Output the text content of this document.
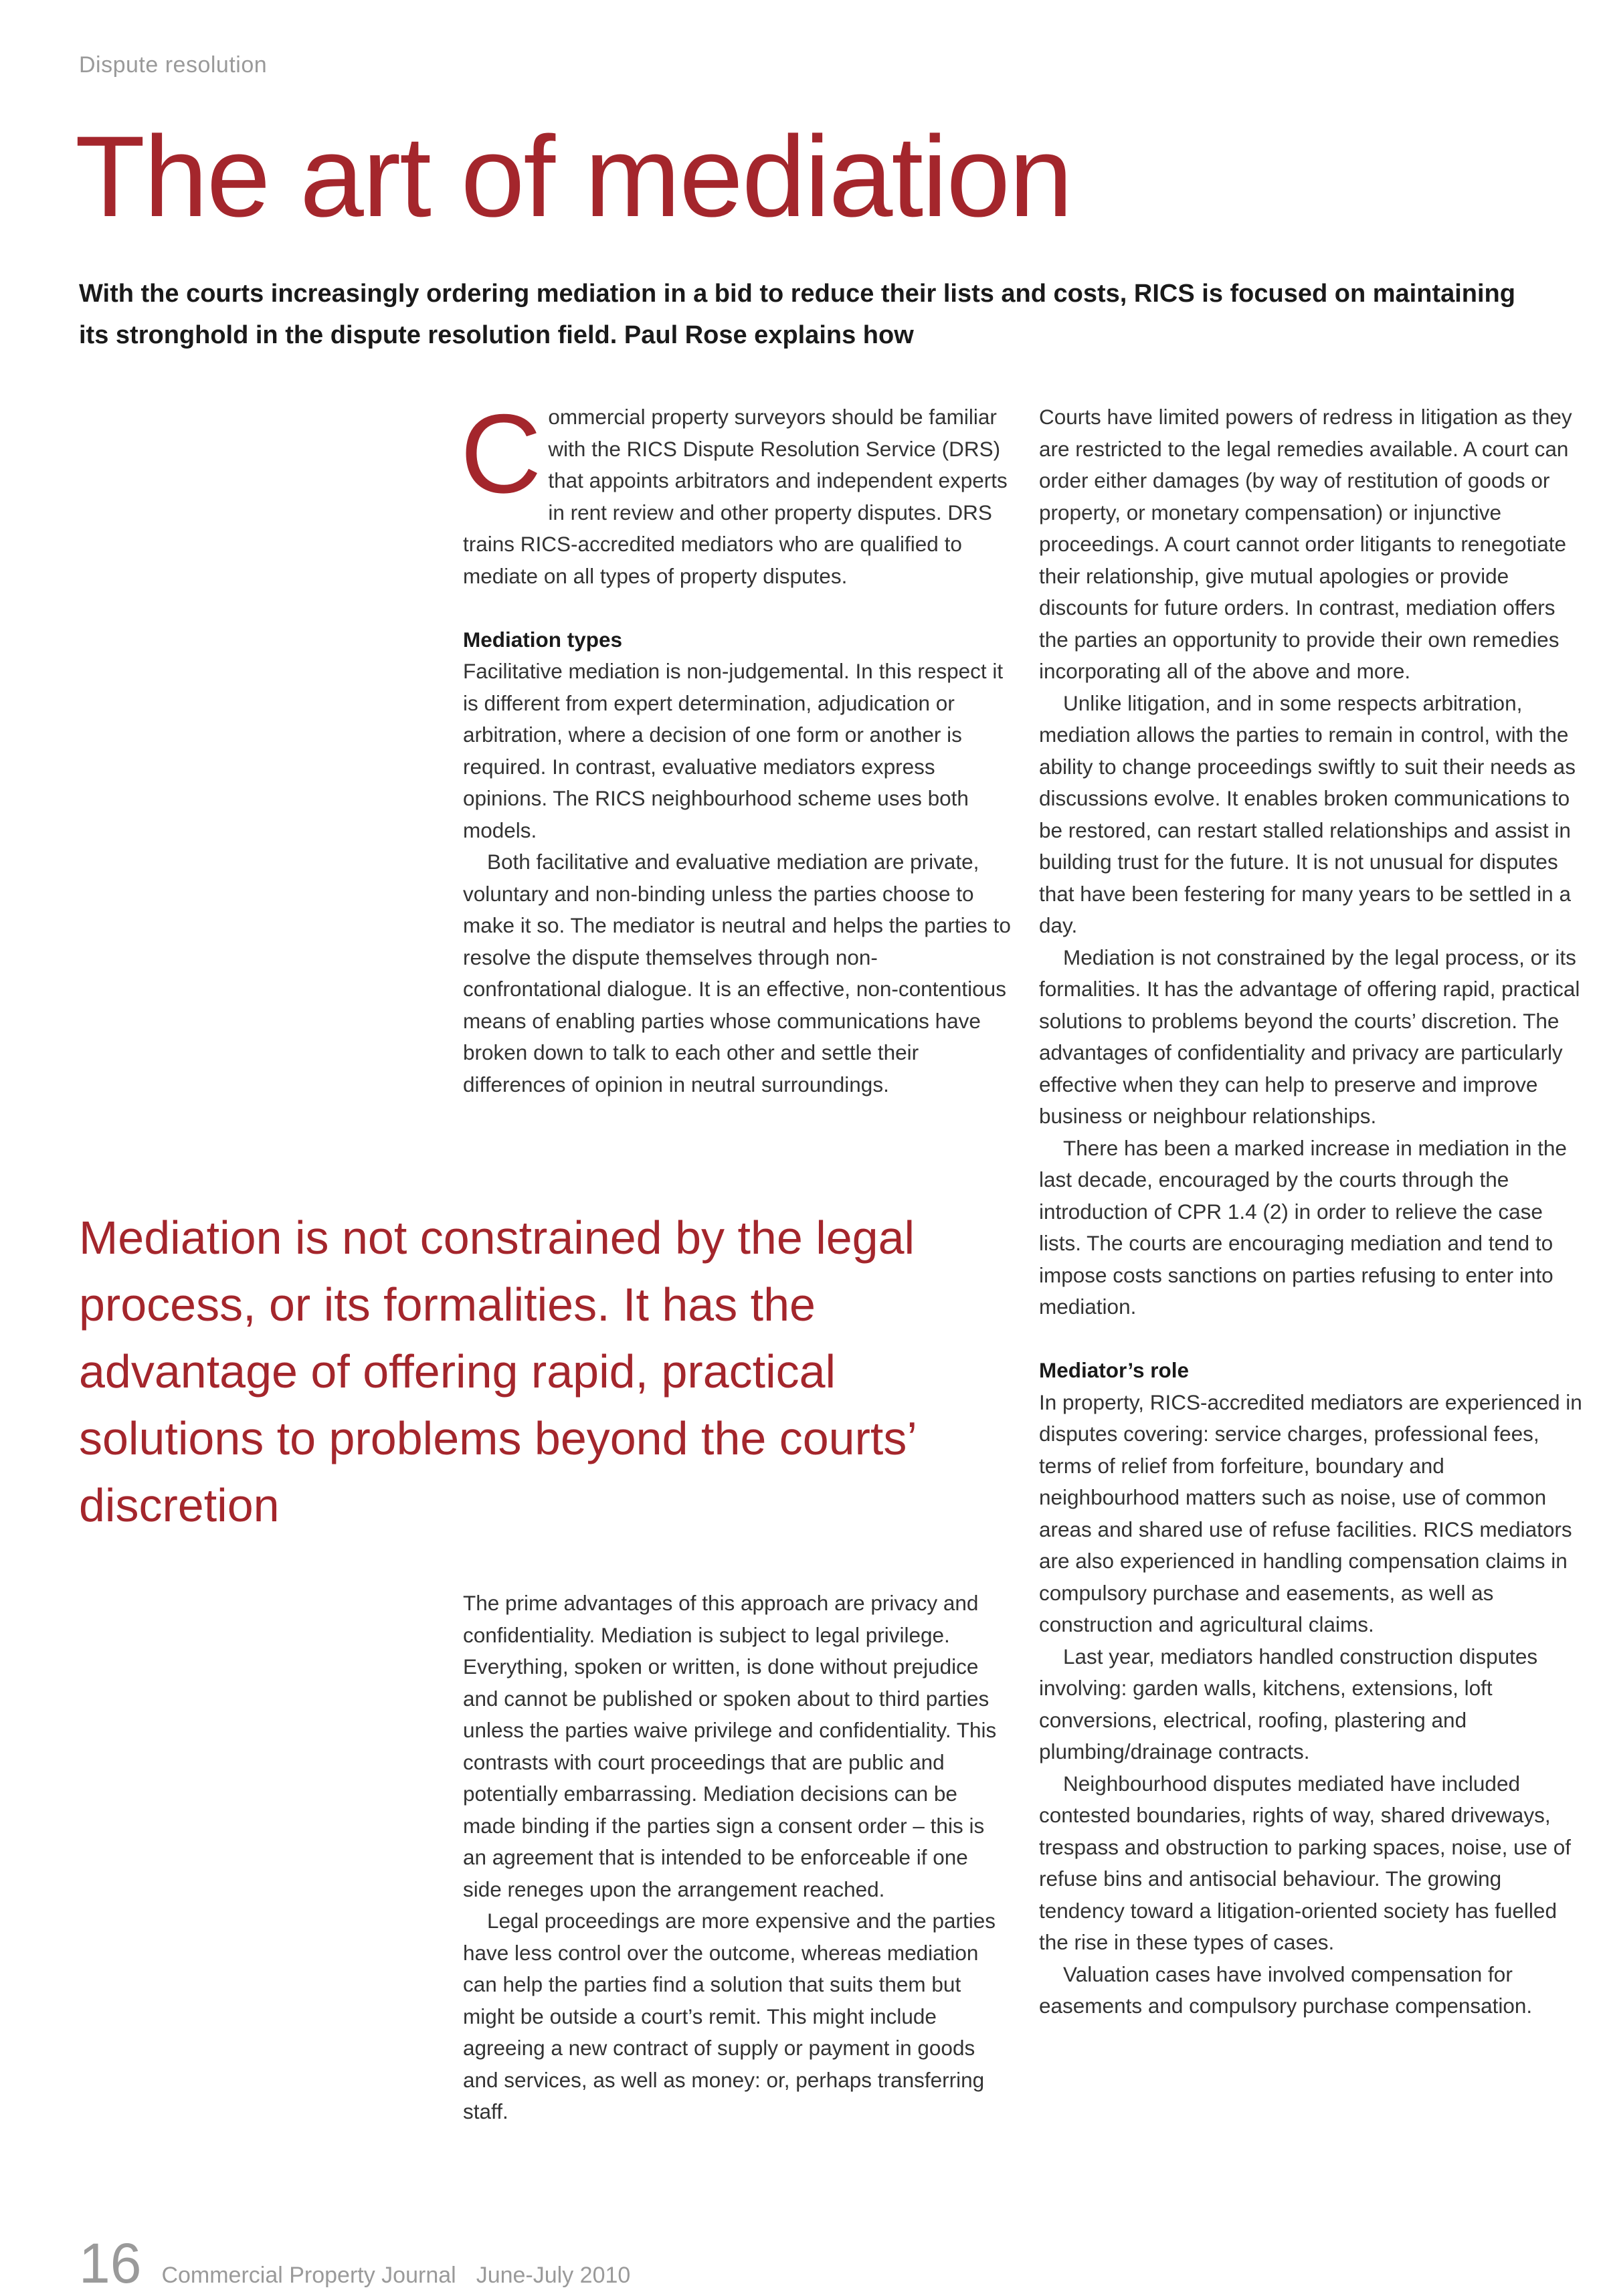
Dispute resolution
The art of mediation
With the courts increasingly ordering mediation in a bid to reduce their lists and costs, RICS is focused on maintaining its stronghold in the dispute resolution field. Paul Rose explains how

Commercial property surveyors should be familiar with the RICS Dispute Resolution Service (DRS) that appoints arbitrators and independent experts in rent review and other property disputes. DRS trains RICS-accredited mediators who are qualified to mediate on all types of property disputes.

Mediation types

Facilitative mediation is non-judgemental. In this respect it is different from expert determination, adjudication or arbitration, where a decision of one form or another is required. In contrast, evaluative mediators express opinions. The RICS neighbourhood scheme uses both models.

Both facilitative and evaluative mediation are private, voluntary and non-binding unless the parties choose to make it so. The mediator is neutral and helps the parties to resolve the dispute themselves through non-confrontational dialogue. It is an effective, non-contentious means of enabling parties whose communications have broken down to talk to each other and settle their differences of opinion in neutral surroundings.

Mediation is not constrained by the legal process, or its formalities. It has the advantage of offering rapid, practical solutions to problems beyond the courts’ discretion

The prime advantages of this approach are privacy and confidentiality. Mediation is subject to legal privilege. Everything, spoken or written, is done without prejudice and cannot be published or spoken about to third parties unless the parties waive privilege and confidentiality. This contrasts with court proceedings that are public and potentially embarrassing. Mediation decisions can be made binding if the parties sign a consent order – this is an agreement that is intended to be enforceable if one side reneges upon the arrangement reached.

Legal proceedings are more expensive and the parties have less control over the outcome, whereas mediation can help the parties find a solution that suits them but might be outside a court’s remit. This might include agreeing a new contract of supply or payment in goods and services, as well as money: or, perhaps transferring staff.

Courts have limited powers of redress in litigation as they are restricted to the legal remedies available. A court can order either damages (by way of restitution of goods or property, or monetary compensation) or injunctive proceedings. A court cannot order litigants to renegotiate their relationship, give mutual apologies or provide discounts for future orders. In contrast, mediation offers the parties an opportunity to provide their own remedies incorporating all of the above and more.

Unlike litigation, and in some respects arbitration, mediation allows the parties to remain in control, with the ability to change proceedings swiftly to suit their needs as discussions evolve. It enables broken communications to be restored, can restart stalled relationships and assist in building trust for the future. It is not unusual for disputes that have been festering for many years to be settled in a day.

Mediation is not constrained by the legal process, or its formalities. It has the advantage of offering rapid, practical solutions to problems beyond the courts’ discretion. The advantages of confidentiality and privacy are particularly effective when they can help to preserve and improve business or neighbour relationships.

There has been a marked increase in mediation in the last decade, encouraged by the courts through the introduction of CPR 1.4 (2) in order to relieve the case lists. The courts are encouraging mediation and tend to impose costs sanctions on parties refusing to enter into mediation.

Mediator’s role

In property, RICS-accredited mediators are experienced in disputes covering: service charges, professional fees, terms of relief from forfeiture, boundary and neighbourhood matters such as noise, use of common areas and shared use of refuse facilities. RICS mediators are also experienced in handling compensation claims in compulsory purchase and easements, as well as construction and agricultural claims.

Last year, mediators handled construction disputes involving: garden walls, kitchens, extensions, loft conversions, electrical, roofing, plastering and plumbing/drainage contracts.

Neighbourhood disputes mediated have included contested boundaries, rights of way, shared driveways, trespass and obstruction to parking spaces, noise, use of refuse bins and antisocial behaviour. The growing tendency toward a litigation-oriented society has fuelled the rise in these types of cases.

Valuation cases have involved compensation for easements and compulsory purchase compensation.

16 Commercial Property Journal June-July 2010
